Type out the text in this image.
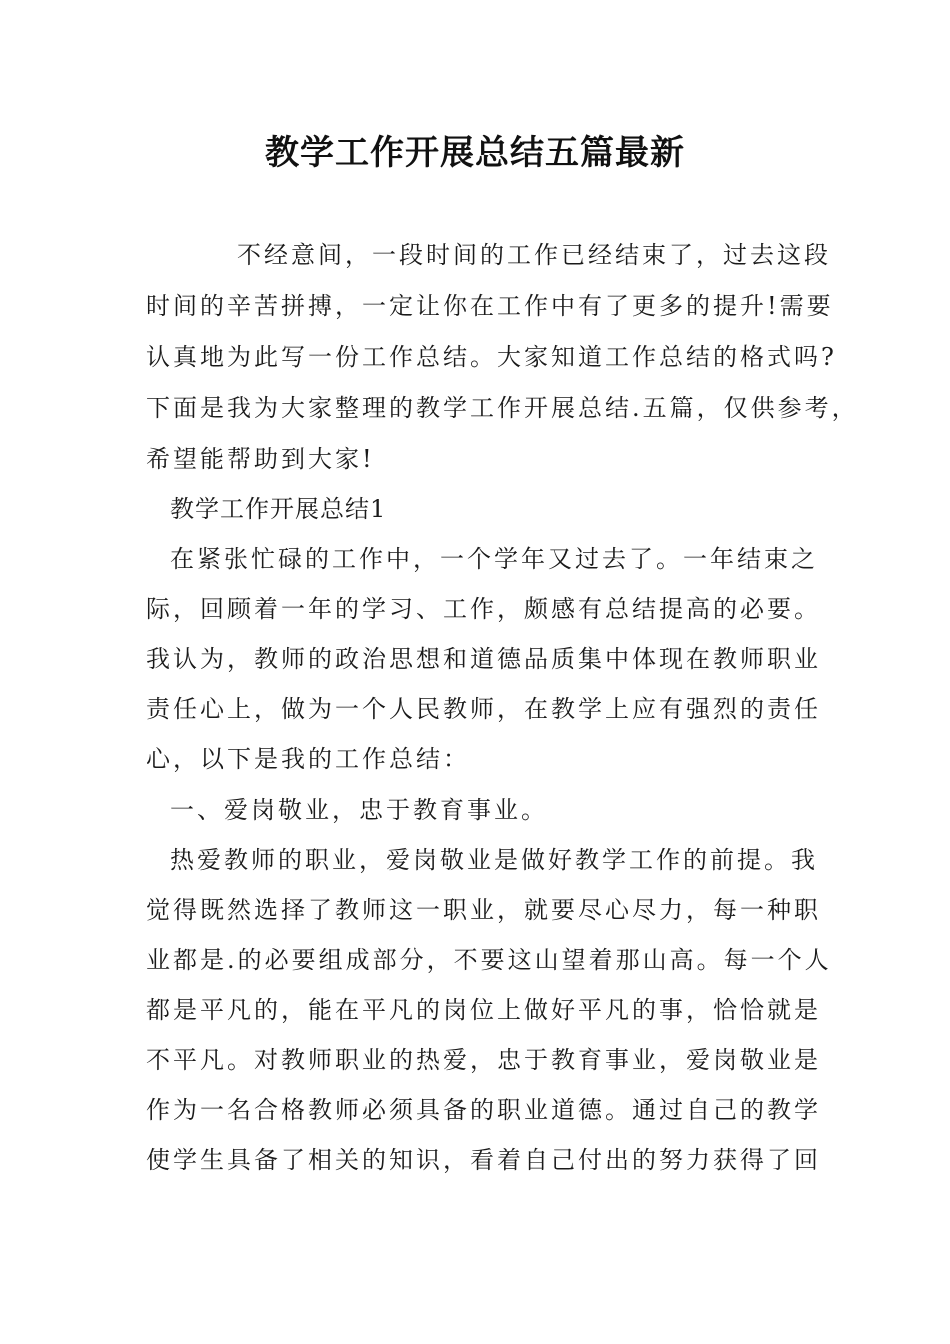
教学工作开展总结五篇最新
不经意间，一段时间的工作已经结束了，过去这段
时间的辛苦拼搏，一定让你在工作中有了更多的提升!需要
认真地为此写一份工作总结。大家知道工作总结的格式吗?
下面是我为大家整理的教学工作开展总结.五篇，仅供参考，
希望能帮助到大家!
教学工作开展总结1
在紧张忙碌的工作中，一个学年又过去了。一年结束之
际，回顾着一年的学习、工作，颇感有总结提高的必要。
我认为，教师的政治思想和道德品质集中体现在教师职业
责任心上，做为一个人民教师，在教学上应有强烈的责任
心，以下是我的工作总结：
一、爱岗敬业，忠于教育事业。
热爱教师的职业，爱岗敬业是做好教学工作的前提。我
觉得既然选择了教师这一职业，就要尽心尽力，每一种职
业都是.的必要组成部分，不要这山望着那山高。每一个人
都是平凡的，能在平凡的岗位上做好平凡的事，恰恰就是
不平凡。对教师职业的热爱，忠于教育事业，爱岗敬业是
作为一名合格教师必须具备的职业道德。通过自己的教学
使学生具备了相关的知识，看着自己付出的努力获得了回
